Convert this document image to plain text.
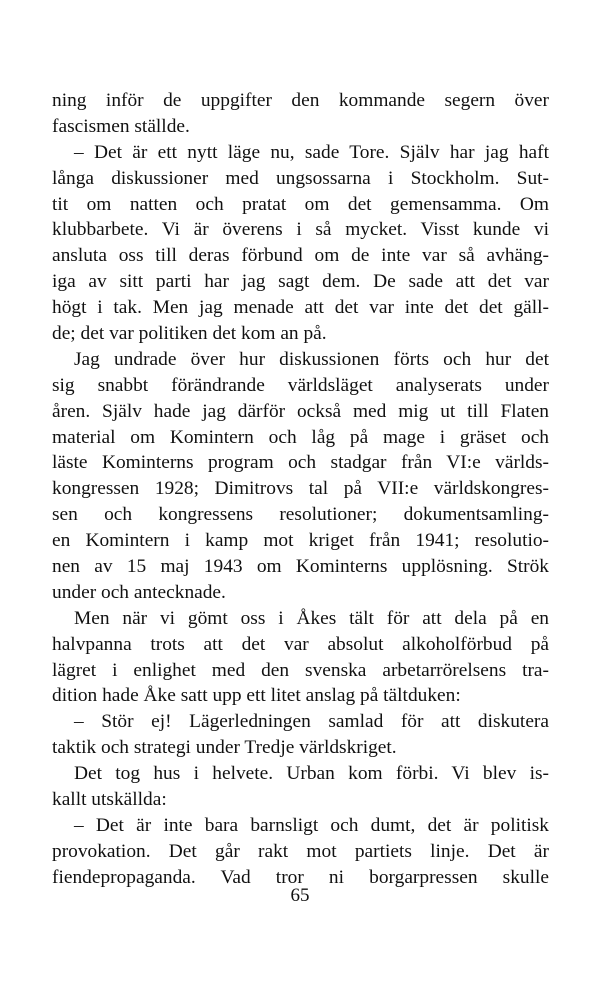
ning inför de uppgifter den kommande segern över
fascismen ställde.
– Det är ett nytt läge nu, sade Tore. Själv har jag haft
långa diskussioner med ungsossarna i Stockholm. Sut-
tit om natten och pratat om det gemensamma. Om
klubbarbete. Vi är överens i så mycket. Visst kunde vi
ansluta oss till deras förbund om de inte var så avhäng-
iga av sitt parti har jag sagt dem. De sade att det var
högt i tak. Men jag menade att det var inte det det gäll-
de; det var politiken det kom an på.
Jag undrade över hur diskussionen förts och hur det
sig snabbt förändrande världsläget analyserats under
åren. Själv hade jag därför också med mig ut till Flaten
material om Komintern och låg på mage i gräset och
läste Kominterns program och stadgar från VI:e världs-
kongressen 1928; Dimitrovs tal på VII:e världskongres-
sen och kongressens resolutioner; dokumentsamling-
en Komintern i kamp mot kriget från 1941; resolutio-
nen av 15 maj 1943 om Kominterns upplösning. Strök
under och antecknade.
Men när vi gömt oss i Åkes tält för att dela på en
halvpanna trots att det var absolut alkoholförbud på
lägret i enlighet med den svenska arbetarrörelsens tra-
dition hade Åke satt upp ett litet anslag på tältduken:
– Stör ej! Lägerledningen samlad för att diskutera
taktik och strategi under Tredje världskriget.
Det tog hus i helvete. Urban kom förbi. Vi blev is-
kallt utskällda:
– Det är inte bara barnsligt och dumt, det är politisk
provokation. Det går rakt mot partiets linje. Det är
fiendepropaganda. Vad tror ni borgarpressen skulle
65
